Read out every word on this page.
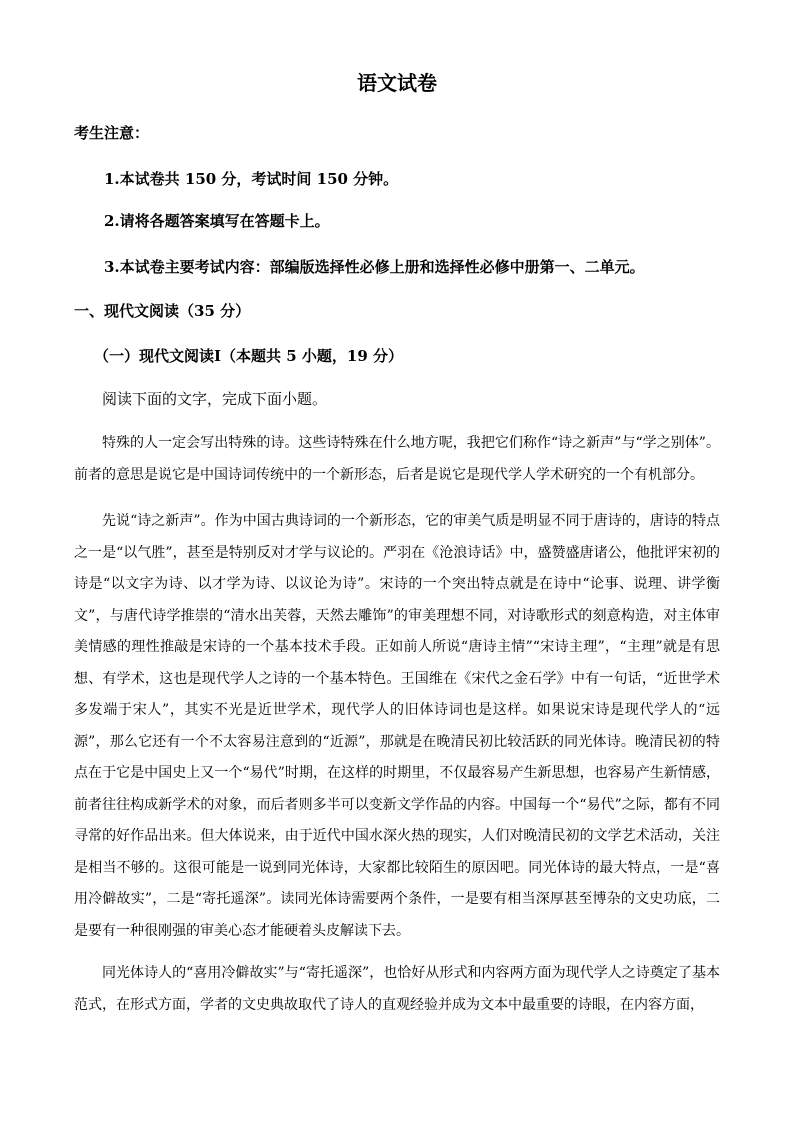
语文试卷
考生注意：
1.本试卷共 150 分，考试时间 150 分钟。
2.请将各题答案填写在答题卡上。
3.本试卷主要考试内容：部编版选择性必修上册和选择性必修中册第一、二单元。
一、现代文阅读（35 分）
（一）现代文阅读Ⅰ（本题共 5 小题，19 分）
阅读下面的文字，完成下面小题。
特殊的人一定会写出特殊的诗。这些诗特殊在什么地方呢，我把它们称作“诗之新声”与“学之别体”。前者的意思是说它是中国诗词传统中的一个新形态，后者是说它是现代学人学术研究的一个有机部分。
先说“诗之新声”。作为中国古典诗词的一个新形态，它的审美气质是明显不同于唐诗的，唐诗的特点之一是“以气胜”，甚至是特别反对才学与议论的。严羽在《沧浪诗话》中，盛赞盛唐诸公，他批评宋初的诗是“以文字为诗、以才学为诗、以议论为诗”。宋诗的一个突出特点就是在诗中“论事、说理、讲学衡文”，与唐代诗学推崇的“清水出芙蓉，天然去雕饰”的审美理想不同，对诗歌形式的刻意构造，对主体审美情感的理性推敲是宋诗的一个基本技术手段。正如前人所说“唐诗主情”“宋诗主理”，“主理”就是有思想、有学术，这也是现代学人之诗的一个基本特色。王国维在《宋代之金石学》中有一句话，“近世学术多发端于宋人”，其实不光是近世学术，现代学人的旧体诗词也是这样。如果说宋诗是现代学人的“远源”，那么它还有一个不太容易注意到的“近源”，那就是在晚清民初比较活跃的同光体诗。晚清民初的特点在于它是中国史上又一个“易代”时期，在这样的时期里，不仅最容易产生新思想，也容易产生新情感，前者往往构成新学术的对象，而后者则多半可以变新文学作品的内容。中国每一个“易代”之际，都有不同寻常的好作品出来。但大体说来，由于近代中国水深火热的现实，人们对晚清民初的文学艺术活动，关注是相当不够的。这很可能是一说到同光体诗，大家都比较陌生的原因吧。同光体诗的最大特点，一是“喜用冷僻故实”，二是“寄托遥深”。读同光体诗需要两个条件，一是要有相当深厚甚至博杂的文史功底，二是要有一种很刚强的审美心态才能硬着头皮解读下去。
同光体诗人的“喜用冷僻故实”与“寄托遥深”，也恰好从形式和内容两方面为现代学人之诗奠定了基本范式，在形式方面，学者的文史典故取代了诗人的直观经验并成为文本中最重要的诗眼，在内容方面，
